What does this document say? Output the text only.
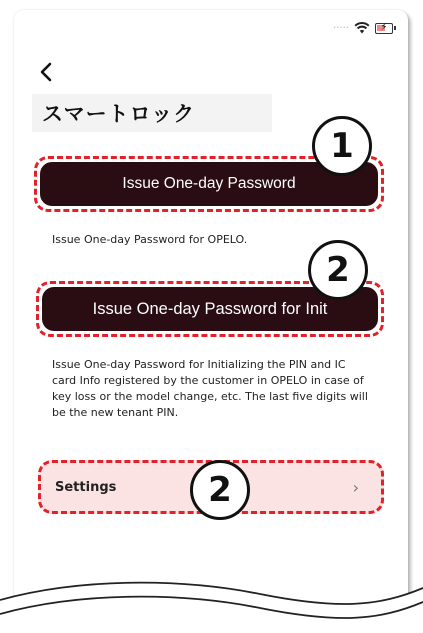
·····	⚡
スマートロック
Issue One-day Password
Issue One-day Password for OPELO.
Issue One-day Password for Init
Issue One-day Password for Initializing the PIN and IC card Info registered by the customer in OPELO in case of key loss or the model change, etc. The last five digits will be the new tenant PIN.
Settings	›
1
2
2
